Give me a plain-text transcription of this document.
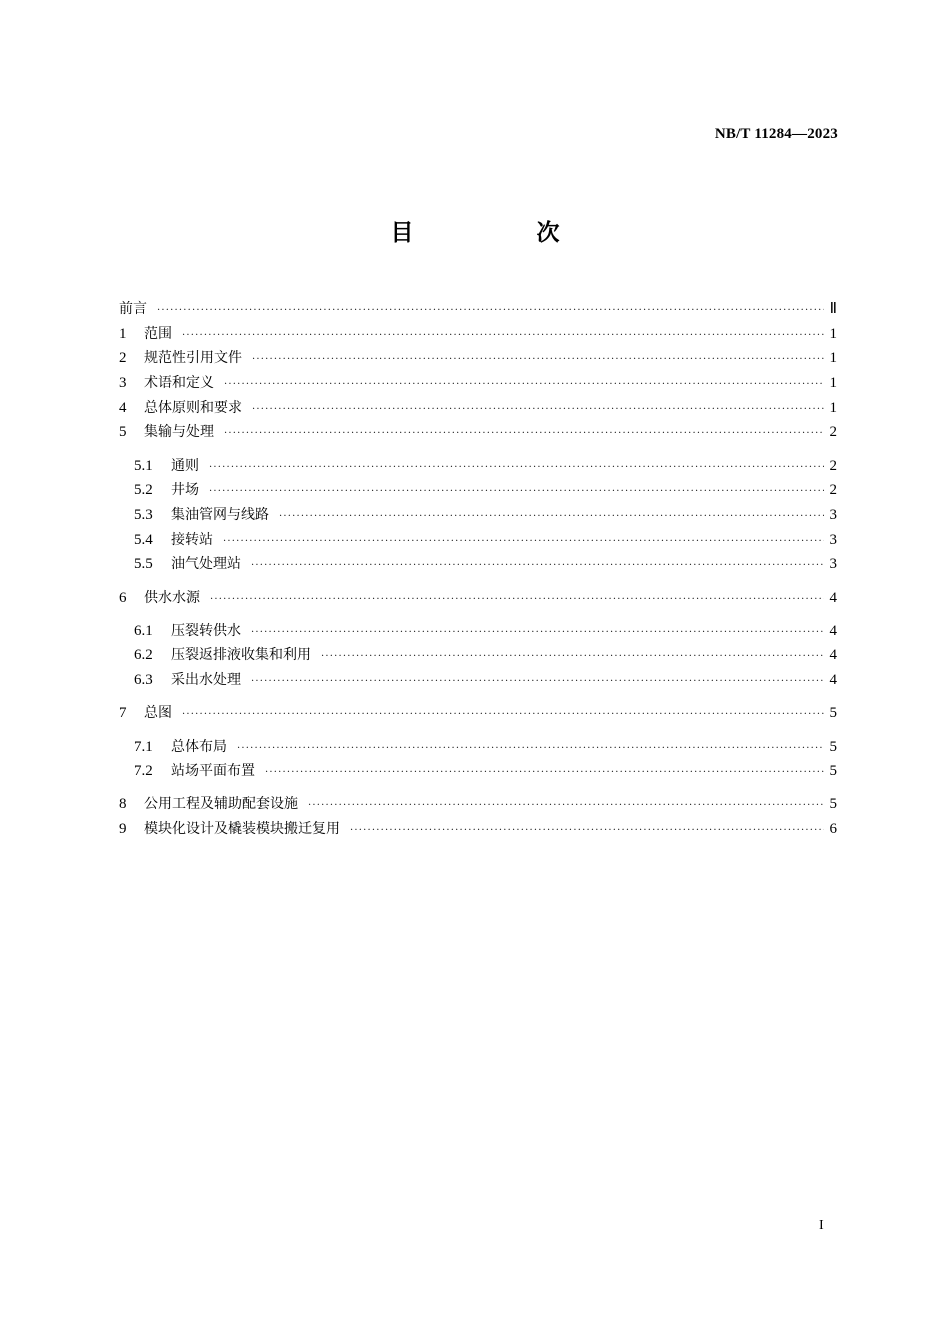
NB/T 11284—2023
目　次
前言 ·····	Ⅱ
1 范围 ·····	1
2 规范性引用文件 ·····	1
3 术语和定义 ·····	1
4 总体原则和要求 ·····	1
5 集输与处理 ·····	2
5.1 通则 ·····	2
5.2 井场 ·····	2
5.3 集油管网与线路 ·····	3
5.4 接转站 ·····	3
5.5 油气处理站 ·····	3
6 供水水源 ·····	4
6.1 压裂转供水 ·····	4
6.2 压裂返排液收集和利用 ·····	4
6.3 采出水处理 ·····	4
7 总图 ·····	5
7.1 总体布局 ·····	5
7.2 站场平面布置 ·····	5
8 公用工程及辅助配套设施 ·····	5
9 模块化设计及橇装模块搬迁复用 ·····	6
I
